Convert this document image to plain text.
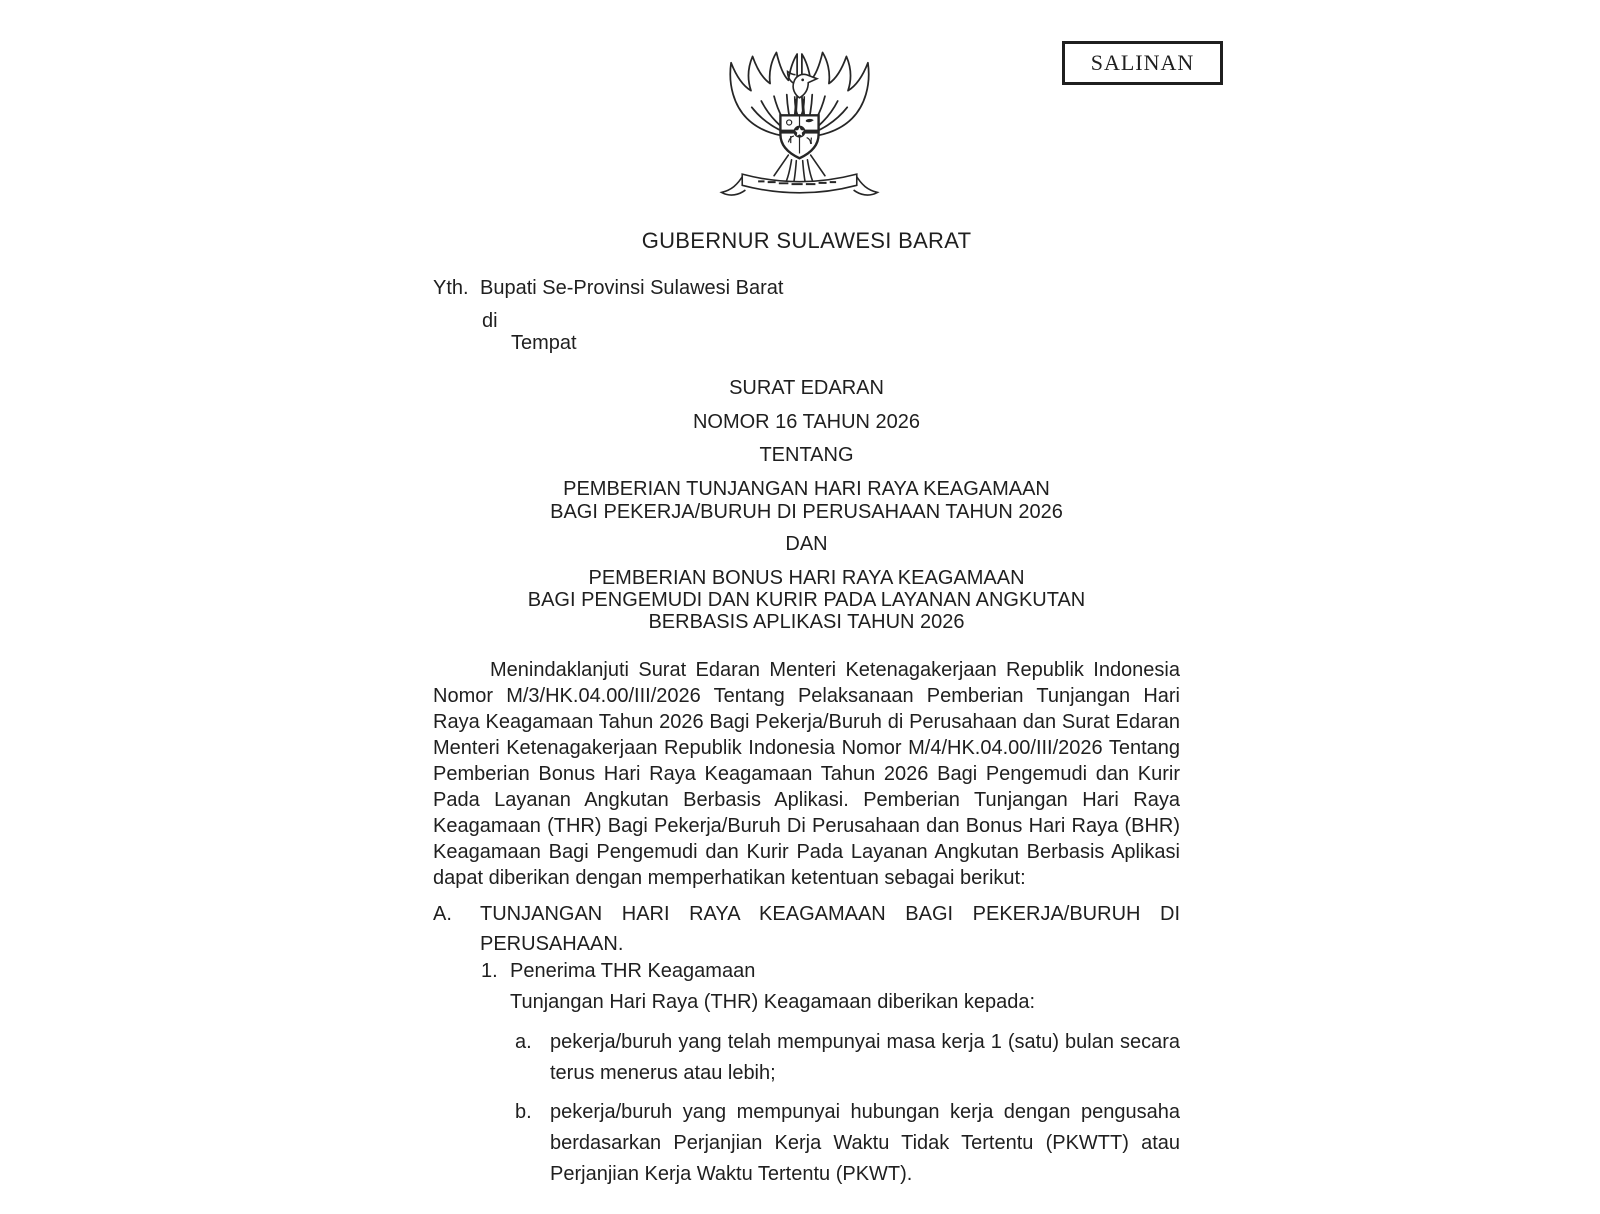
SALINAN
GUBERNUR SULAWESI BARAT
Yth. Bupati Se-Provinsi Sulawesi Barat
di
Tempat
SURAT EDARAN
NOMOR 16 TAHUN 2026
TENTANG
PEMBERIAN TUNJANGAN HARI RAYA KEAGAMAAN
BAGI PEKERJA/BURUH DI PERUSAHAAN TAHUN 2026
DAN
PEMBERIAN BONUS HARI RAYA KEAGAMAAN
BAGI PENGEMUDI DAN KURIR PADA LAYANAN ANGKUTAN
BERBASIS APLIKASI TAHUN 2026

Menindaklanjuti Surat Edaran Menteri Ketenagakerjaan Republik Indonesia Nomor M/3/HK.04.00/III/2026 Tentang Pelaksanaan Pemberian Tunjangan Hari Raya Keagamaan Tahun 2026 Bagi Pekerja/Buruh di Perusahaan dan Surat Edaran Menteri Ketenagakerjaan Republik Indonesia Nomor M/4/HK.04.00/III/2026 Tentang Pemberian Bonus Hari Raya Keagamaan Tahun 2026 Bagi Pengemudi dan Kurir Pada Layanan Angkutan Berbasis Aplikasi. Pemberian Tunjangan Hari Raya Keagamaan (THR) Bagi Pekerja/Buruh Di Perusahaan dan Bonus Hari Raya (BHR) Keagamaan Bagi Pengemudi dan Kurir Pada Layanan Angkutan Berbasis Aplikasi dapat diberikan dengan memperhatikan ketentuan sebagai berikut:

A. TUNJANGAN HARI RAYA KEAGAMAAN BAGI PEKERJA/BURUH DI PERUSAHAAN.
1. Penerima THR Keagamaan
Tunjangan Hari Raya (THR) Keagamaan diberikan kepada:
a. pekerja/buruh yang telah mempunyai masa kerja 1 (satu) bulan secara terus menerus atau lebih;
b. pekerja/buruh yang mempunyai hubungan kerja dengan pengusaha berdasarkan Perjanjian Kerja Waktu Tidak Tertentu (PKWTT) atau Perjanjian Kerja Waktu Tertentu (PKWT).
